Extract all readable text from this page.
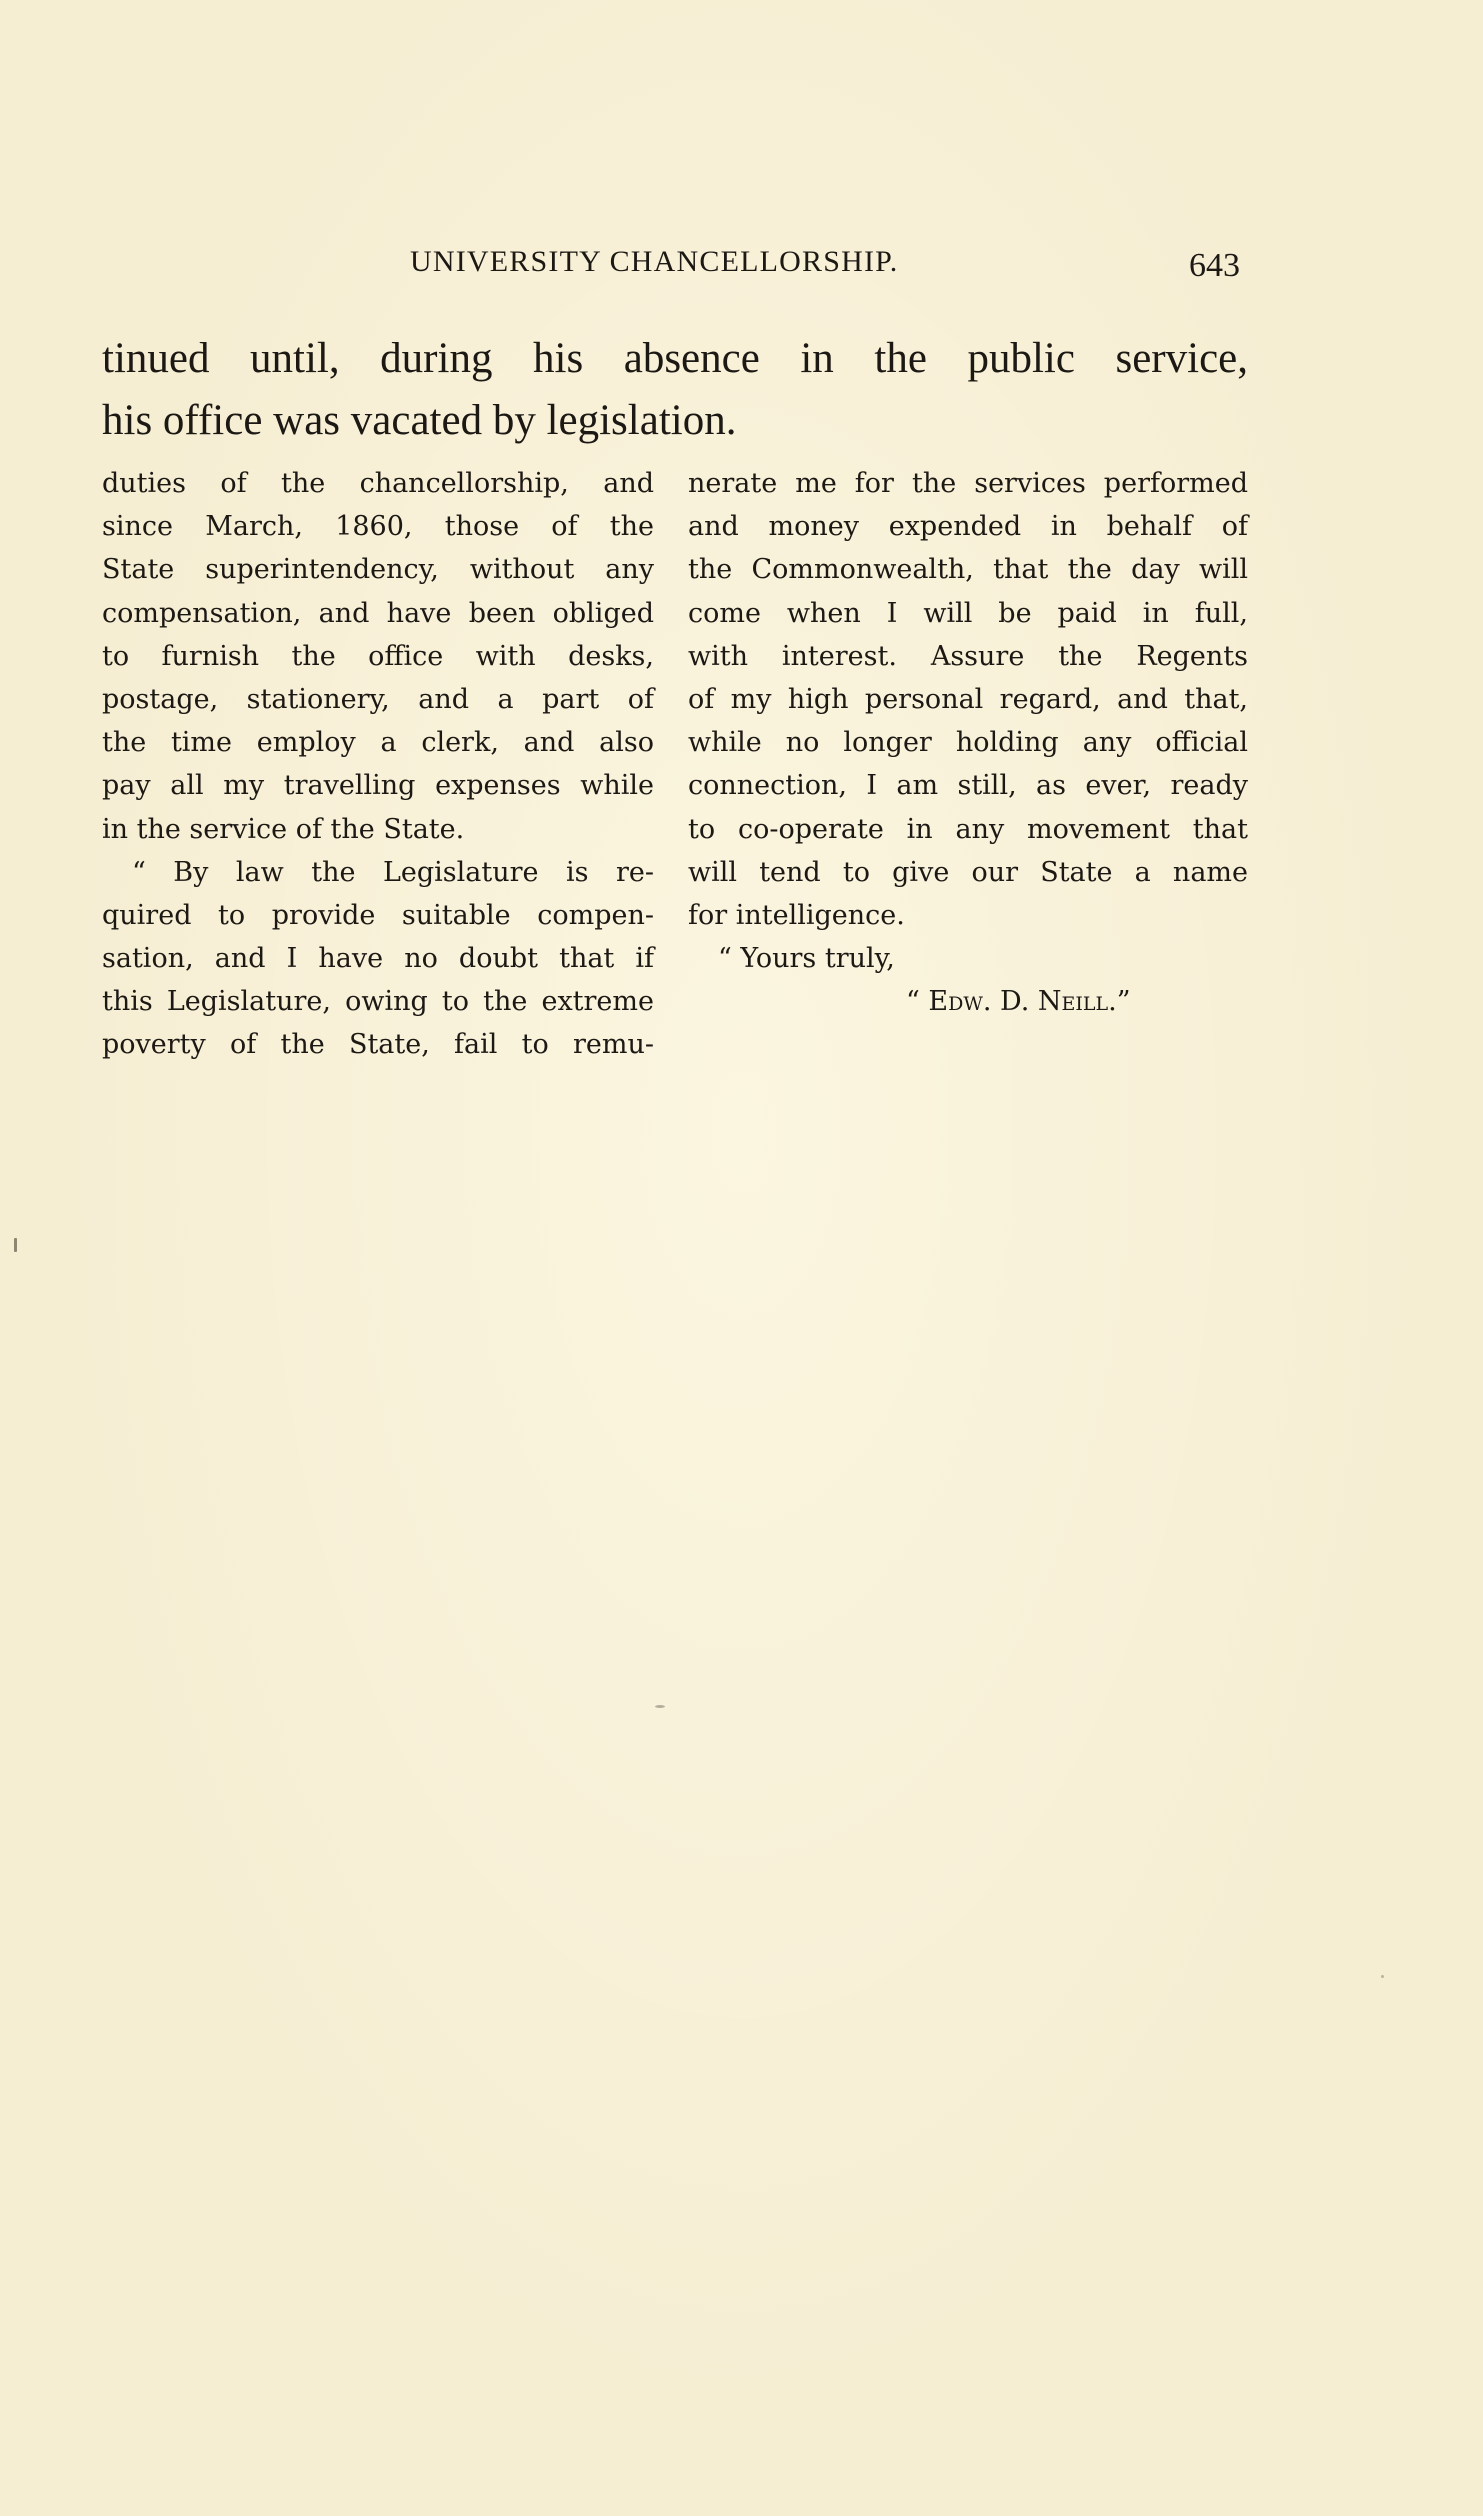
UNIVERSITY CHANCELLORSHIP.	643
tinued until, during his absence in the public service,
his office was vacated by legislation.
duties of the chancellorship, and
since March, 1860, those of the
State superintendency, without any
compensation, and have been obliged
to furnish the office with desks,
postage, stationery, and a part of
the time employ a clerk, and also
pay all my travelling expenses while
in the service of the State.
“ By law the Legislature is re-
quired to provide suitable compen-
sation, and I have no doubt that if
this Legislature, owing to the extreme
poverty of the State, fail to remu-
nerate me for the services performed
and money expended in behalf of
the Commonwealth, that the day will
come when I will be paid in full,
with interest. Assure the Regents
of my high personal regard, and that,
while no longer holding any official
connection, I am still, as ever, ready
to co-operate in any movement that
will tend to give our State a name
for intelligence.
“ Yours truly,
“ Edw. D. Neill.”
